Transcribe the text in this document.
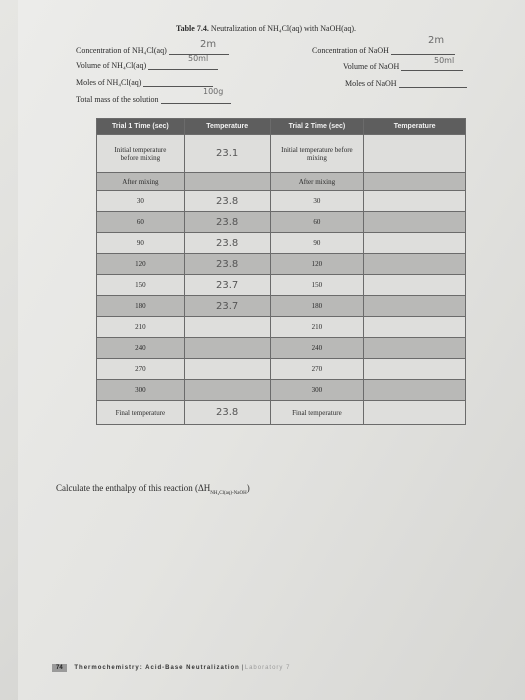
Table 7.4. Neutralization of NH₄Cl(aq) with NaOH(aq).
Concentration of NH₄Cl(aq)
2m
Volume of NH₄Cl(aq)
50ml
Moles of NH₄Cl(aq)
Total mass of the solution
100g
Concentration of NaOH
2m
Volume of NaOH
50ml
Moles of NaOH
Trial 1 Time (sec)	Temperature	Trial 2 Time (sec)	Temperature
Initial temperature before mixing	23.1	Initial temperature before mixing	
After mixing		After mixing	
30	23.8	30	
60	23.8	60	
90	23.8	90	
120	23.8	120	
150	23.7	150	
180	23.7	180	
210		210	
240		240	
270		270	
300		300	
Final temperature	23.8	Final temperature	
Calculate the enthalpy of this reaction $(\Delta H_{NH_4Cl(aq)-NaOH})$
74 Thermochemistry: Acid-Base Neutralization | Laboratory 7
